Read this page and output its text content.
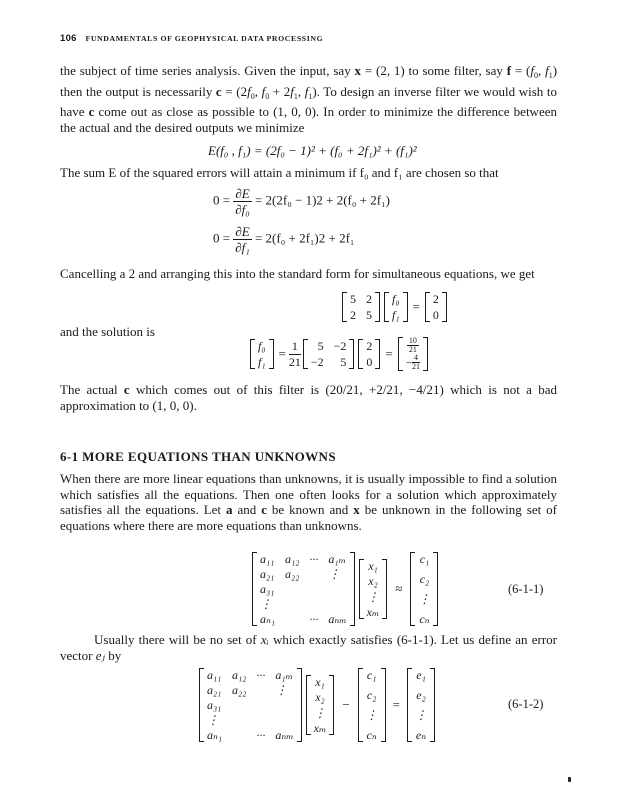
106 FUNDAMENTALS OF GEOPHYSICAL DATA PROCESSING
the subject of time series analysis. Given the input, say x = (2, 1) to some filter, say $f = (f_0$, $f_1$) then the output is necessarily $c = (2f_0$, $f_0 + 2f_1$, $f_1$). To design an inverse filter we would wish to have c come out as close as possible to (1, 0, 0). In order to minimize the difference between the actual and the desired outputs we minimize
E(f₀ , f₁) = (2f₀ − 1)² + (f₀ + 2f₁)² + (f₁)²
The sum E of the squared errors will attain a minimum if f₀ and f₁ are chosen so that
$0 = \frac{\partial E}{\text{∂f₀}} = 2(2f_0 - 1)2 + 2(f_0 + 2f_1)$
$0 = \frac{\partial E}{\text{∂f₁}} = 2(f_0 + 2f_1)2 + 2f_1$
Cancelling a 2 and arranging this into the standard form for simultaneous equations, we get
5 2
2 5
f₀
f₁
= 2
0
and the solution is
f₀
f₁
= $\frac{1}{21} 5 -2$
−2 5
2
0
= $\frac{10}{21}$
− $\frac{4}{21}$
The actual c which comes out of this filter is (20/21, +2/21, −4/21) which is not a bad approximation to (1, 0, 0).
6-1 MORE EQUATIONS THAN UNKNOWNS
When there are more linear equations than unknowns, it is usually impossible to find a solution which satisfies all the equations. Then one often looks for a solution which approximately satisfies all the equations. Let a and c be known and x be unknown in the following set of equations where there are more equations than unknowns.
a₁₁ a₁₂ ··· a₁ₘ
a₂₁ a₂₂ ⋮
a₃₁
⋮
aₙ₁	··· aₙₘ
x₁
x₂
⋮
xₘ
≈
c₁
c₂
⋮
cₙ
(6-1-1)
Usually there will be no set of xᵢ which exactly satisfies (6-1-1). Let us define an error vector eⱼ by
a₁₁ a₁₂ ··· a₁ₘ
a₂₁ a₂₂ ⋮
a₃₁
⋮
aₙ₁	··· aₙₘ
x₁
x₂
⋮
xₘ
−
c₁
c₂
⋮
cₙ
=
e₁
e₂
⋮
eₙ
(6-1-2)
